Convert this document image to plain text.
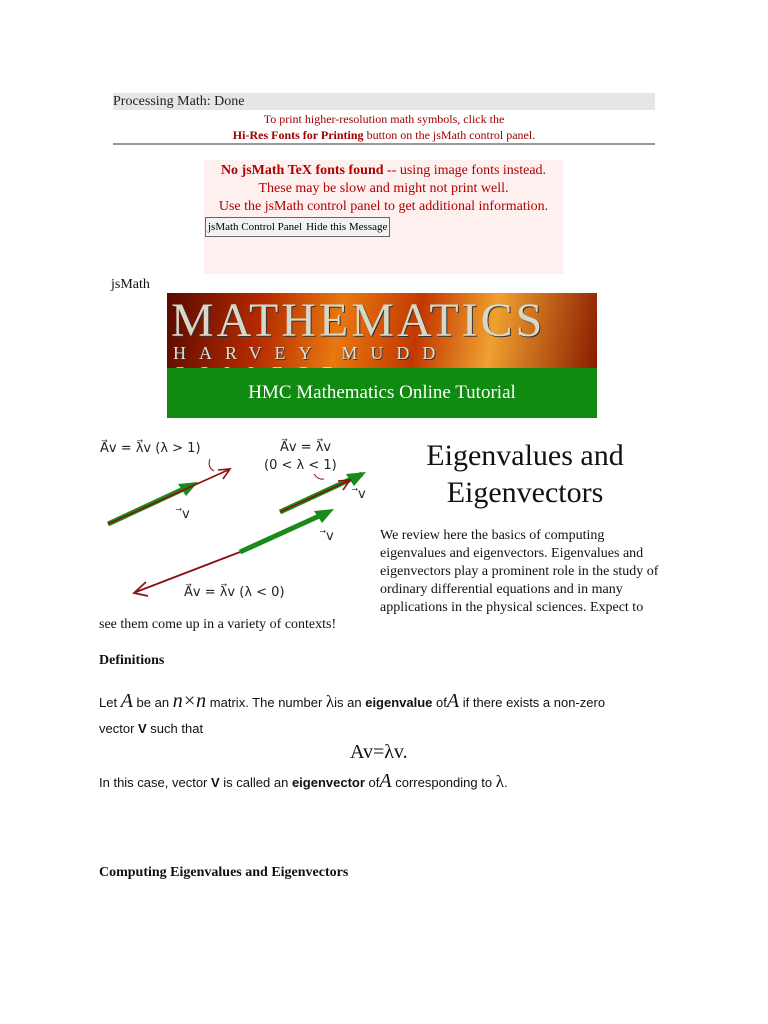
Processing Math: Done
To print higher-resolution math symbols, click the
Hi-Res Fonts for Printing button on the jsMath control panel.
No jsMath TeX fonts found -- using image fonts instead.
These may be slow and might not print well.
Use the jsMath control panel to get additional information.
jsMath Control Panel Hide this Message
jsMath
MATHEMATICS
HARVEY MUDD
HMC Mathematics Online Tutorial
A⃗v = λ⃗v (λ > 1)
⃗v
A⃗v = λ⃗v
(0 < λ < 1)
⃗v
⃗v
A⃗v = λ⃗v (λ < 0)
Eigenvalues and
Eigenvectors
We review here the basics of computing eigenvalues and eigenvectors. Eigenvalues and eigenvectors play a prominent role in the study of ordinary differential equations and in many applications in the physical sciences. Expect to
see them come up in a variety of contexts!
Definitions
Let A be an n×n matrix. The number λis an eigenvalue ofA if there exists a non-zero
vector V such that
Av=λv.
In this case, vector V is called an eigenvector ofA corresponding to λ.
Computing Eigenvalues and Eigenvectors
